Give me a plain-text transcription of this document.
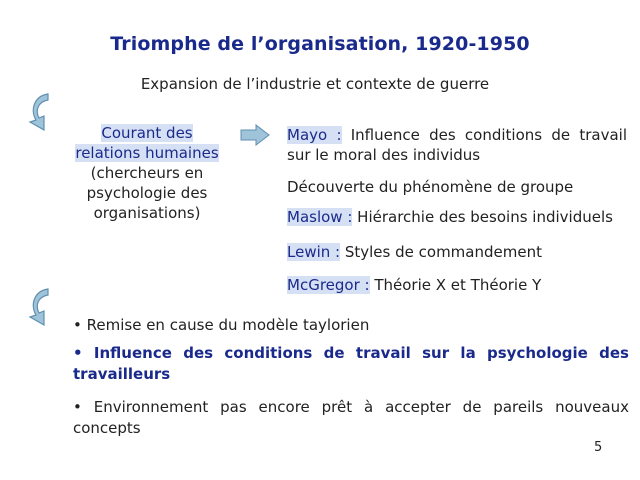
Triomphe de l’organisation, 1920-1950
Expansion de l’industrie et contexte de guerre
Courant des
relations humaines
(chercheurs en
psychologie des
organisations)
Mayo : Influence des conditions de travail sur le moral des individus
Découverte du phénomène de groupe
Maslow : Hiérarchie des besoins individuels
Lewin : Styles de commandement
McGregor : Théorie X et Théorie Y
• Remise en cause du modèle taylorien
• Influence des conditions de travail sur la psychologie des travailleurs
• Environnement pas encore prêt à accepter de pareils nouveaux concepts
5
